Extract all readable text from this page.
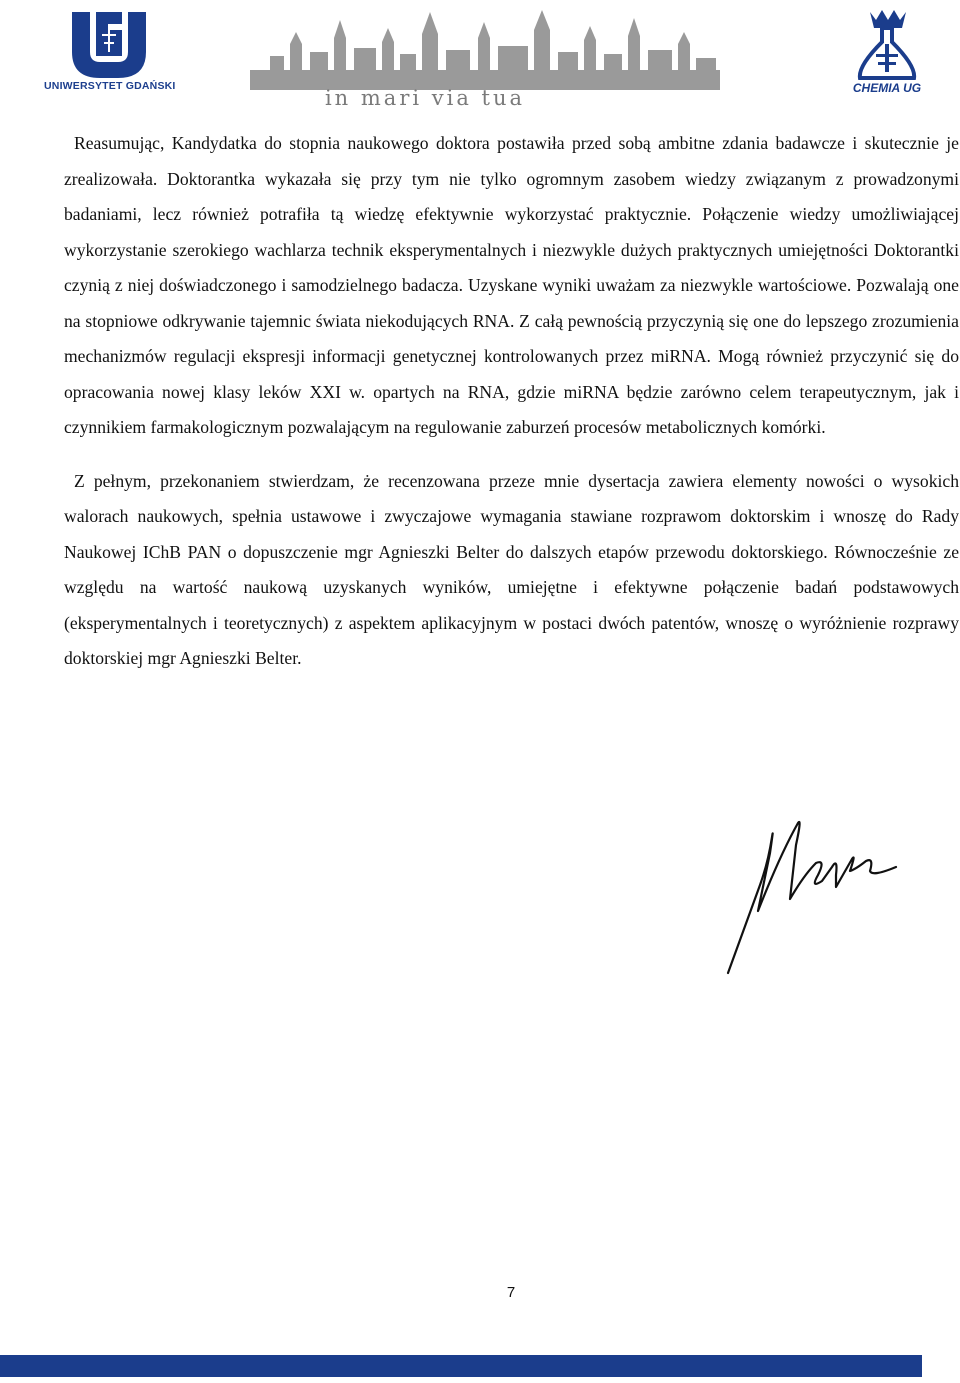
UNIWERSYTET GDAŃSKI	in mari via tua	CHEMIA UG

Reasumując, Kandydatka do stopnia naukowego doktora postawiła przed sobą ambitne zdania badawcze i skutecznie je zrealizowała. Doktorantka wykazała się przy tym nie tylko ogromnym zasobem wiedzy związanym z prowadzonymi badaniami, lecz również potrafiła tą wiedzę efektywnie wykorzystać praktycznie. Połączenie wiedzy umożliwiającej wykorzystanie szerokiego wachlarza technik eksperymentalnych i niezwykle dużych praktycznych umiejętności Doktorantki czynią z niej doświadczonego i samodzielnego badacza. Uzyskane wyniki uważam za niezwykle wartościowe. Pozwalają one na stopniowe odkrywanie tajemnic świata niekodujących RNA. Z całą pewnością przyczynią się one do lepszego zrozumienia mechanizmów regulacji ekspresji informacji genetycznej kontrolowanych przez miRNA. Mogą również przyczynić się do opracowania nowej klasy leków XXI w. opartych na RNA, gdzie miRNA będzie zarówno celem terapeutycznym, jak i czynnikiem farmakologicznym pozwalającym na regulowanie zaburzeń procesów metabolicznych komórki.

Z pełnym, przekonaniem stwierdzam, że recenzowana przeze mnie dysertacja zawiera elementy nowości o wysokich walorach naukowych, spełnia ustawowe i zwyczajowe wymagania stawiane rozprawom doktorskim i wnoszę do Rady Naukowej IChB PAN o dopuszczenie mgr Agnieszki Belter do dalszych etapów przewodu doktorskiego. Równocześnie ze względu na wartość naukową uzyskanych wyników, umiejętne i efektywne połączenie badań podstawowych (eksperymentalnych i teoretycznych) z aspektem aplikacyjnym w postaci dwóch patentów, wnoszę o wyróżnienie rozprawy doktorskiej mgr Agnieszki Belter.

7
